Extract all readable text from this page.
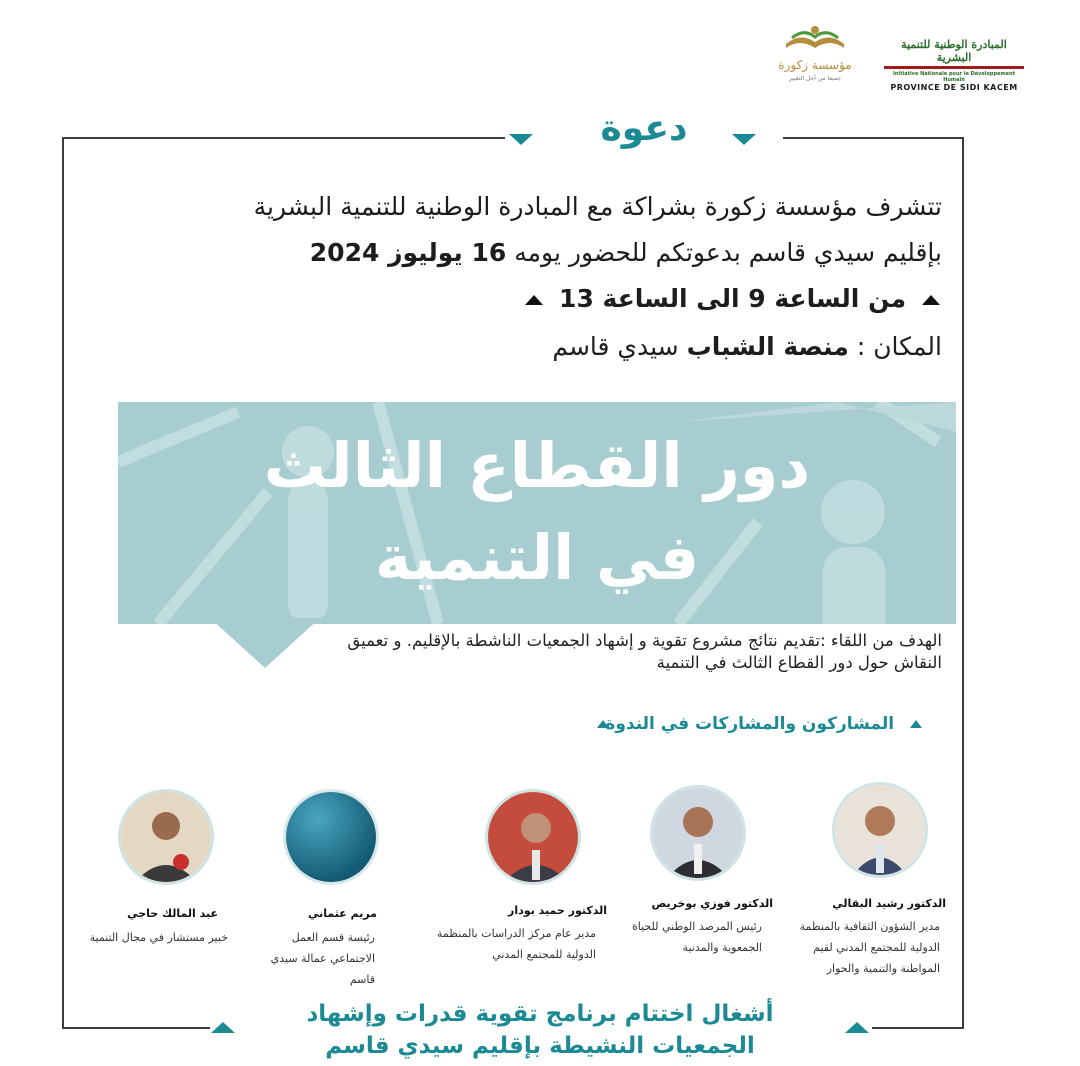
المبادرة الوطنية للتنمية البشرية
Initiative Nationale pour le Développement Humain
PROVINCE DE SIDI KACEM
مؤسسة زكورة
جميعا من أجل التغيير
دعوة
تتشرف مؤسسة زكورة بشراكة مع المبادرة الوطنية للتنمية البشرية
بإقليم سيدي قاسم بدعوتكم للحضور يومه 16 يوليوز 2024
من الساعة 9 الى الساعة 13
المكان : منصة الشباب سيدي قاسم
دور القطاع الثالث
في التنمية
الهدف من اللقاء :تقديم نتائج مشروع تقوية و إشهاد الجمعيات الناشطة بالإقليم. و تعميق النقاش حول دور القطاع الثالث في التنمية
المشاركون والمشاركات في الندوة
الدكتور رشيد البقالي
مدير الشؤون الثقافية بالمنظمة الدولية للمجتمع المدني لقيم المواطنة والتنمية والحوار
الدكتور فوزي بوخريص
رئيس المرصد الوطني للحياة الجمعوية والمدنية
الدكتور حميد بودار
مدير عام مركز الدراسات بالمنظمة الدولية للمجتمع المدني
مريم عثماني
رئيسة قسم العمل الاجتماعي عمالة سيدي قاسم
عبد المالك حاجي
خبير مستشار في مجال التنمية
أشغال اختتام برنامج تقوية قدرات وإشهاد
الجمعيات النشيطة بإقليم سيدي قاسم
